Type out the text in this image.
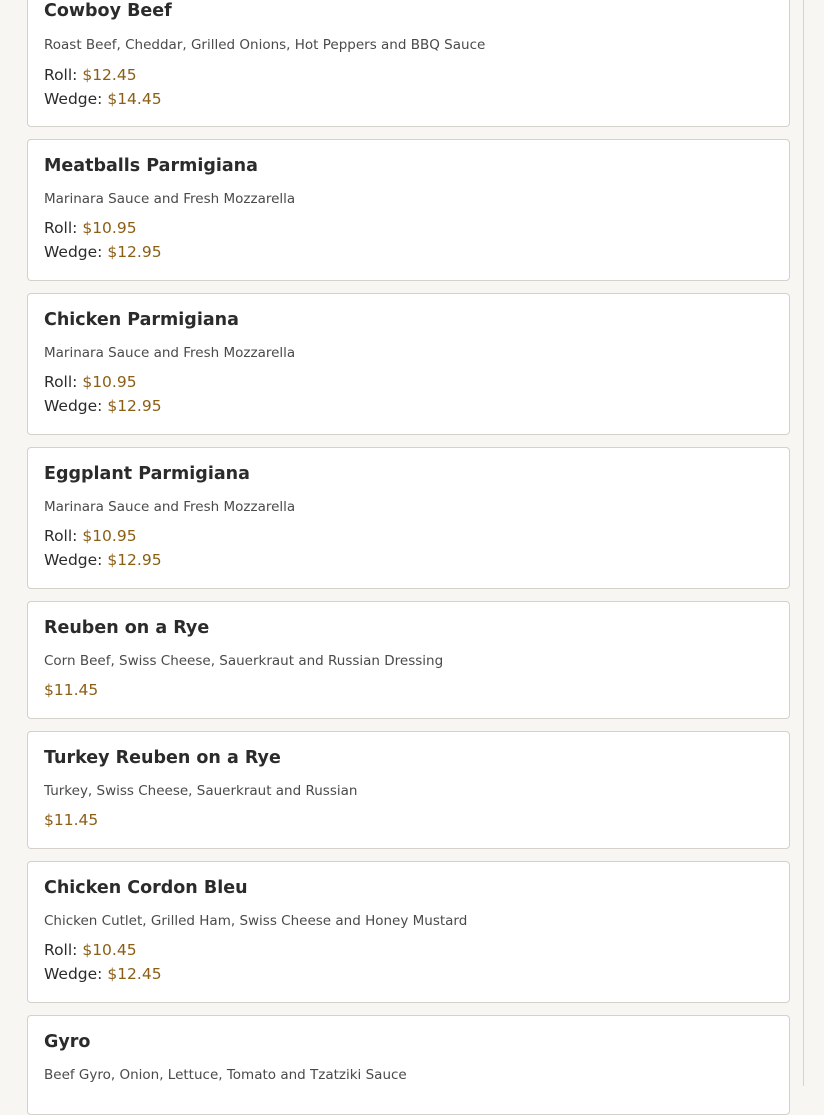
Cowboy Beef
Roast Beef, Cheddar, Grilled Onions, Hot Peppers and BBQ Sauce
Roll: $12.45
Wedge: $14.45
Meatballs Parmigiana
Marinara Sauce and Fresh Mozzarella
Roll: $10.95
Wedge: $12.95
Chicken Parmigiana
Marinara Sauce and Fresh Mozzarella
Roll: $10.95
Wedge: $12.95
Eggplant Parmigiana
Marinara Sauce and Fresh Mozzarella
Roll: $10.95
Wedge: $12.95
Reuben on a Rye
Corn Beef, Swiss Cheese, Sauerkraut and Russian Dressing
$11.45
Turkey Reuben on a Rye
Turkey, Swiss Cheese, Sauerkraut and Russian
$11.45
Chicken Cordon Bleu
Chicken Cutlet, Grilled Ham, Swiss Cheese and Honey Mustard
Roll: $10.45
Wedge: $12.45
Gyro
Beef Gyro, Onion, Lettuce, Tomato and Tzatziki Sauce
